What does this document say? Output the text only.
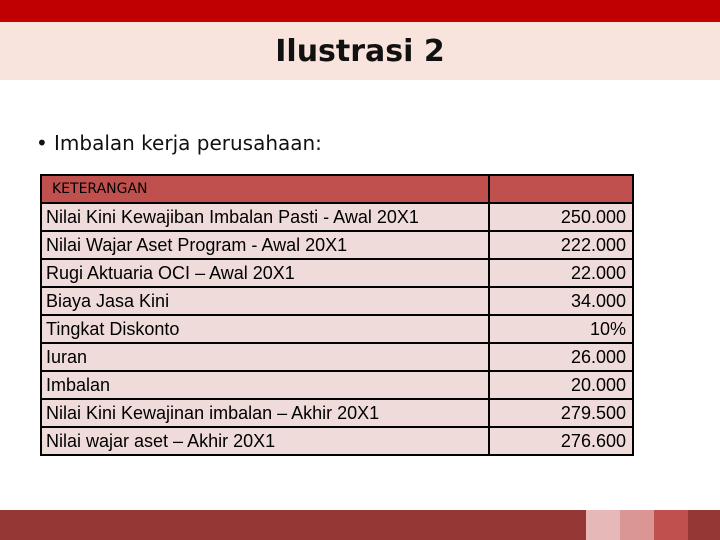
Ilustrasi 2
• Imbalan kerja perusahaan:
KETERANGAN	
Nilai Kini Kewajiban Imbalan Pasti - Awal 20X1	250.000
Nilai Wajar Aset Program - Awal 20X1	222.000
Rugi Aktuaria OCI – Awal 20X1	22.000
Biaya Jasa Kini	34.000
Tingkat Diskonto	10%
Iuran	26.000
Imbalan	20.000
Nilai Kini Kewajinan imbalan – Akhir 20X1	279.500
Nilai wajar aset – Akhir 20X1	276.600
